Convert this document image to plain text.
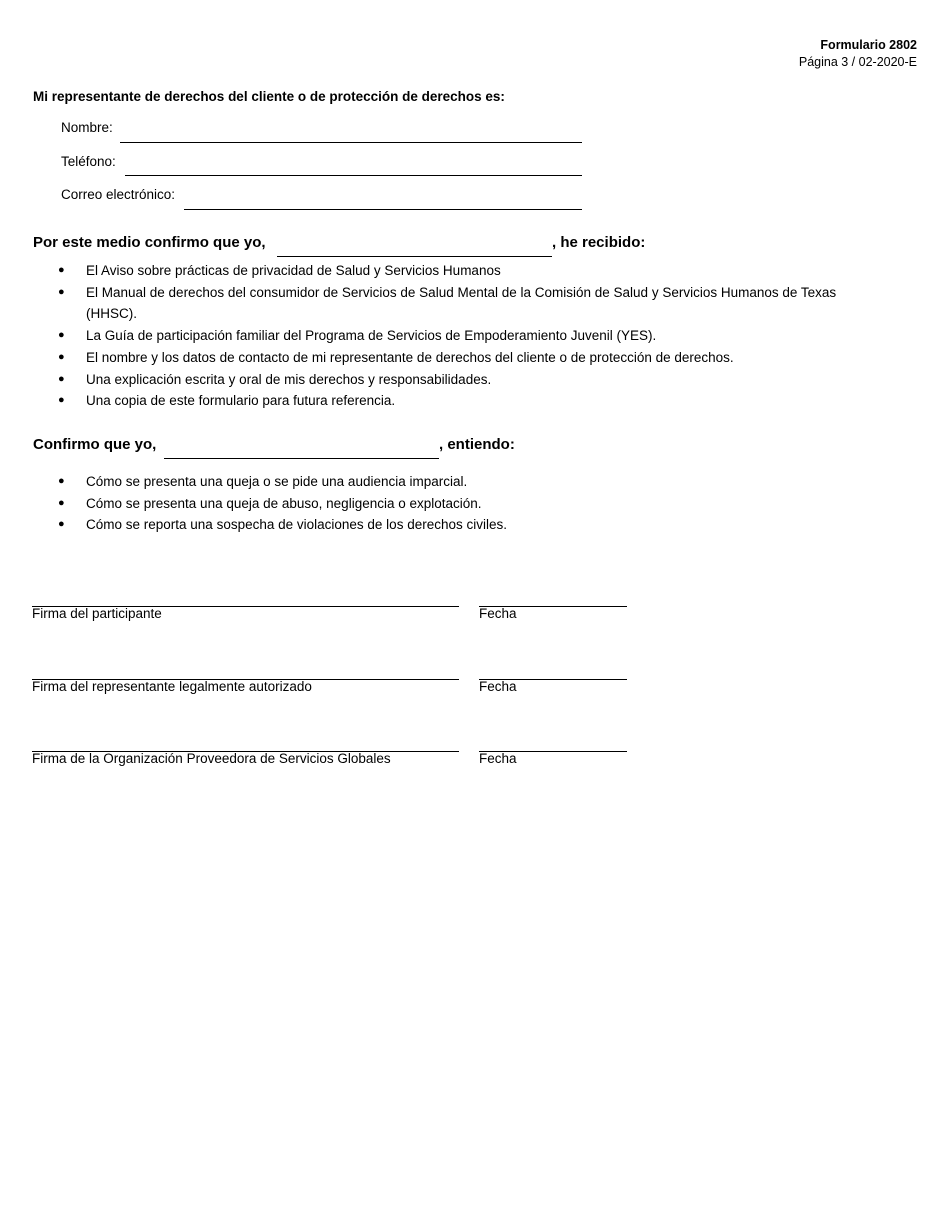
Formulario 2802
Página 3 / 02-2020-E
Mi representante de derechos del cliente o de protección de derechos es:
Nombre:
Teléfono:
Correo electrónico:
Por este medio confirmo que yo,	, he recibido:
● El Aviso sobre prácticas de privacidad de Salud y Servicios Humanos
● El Manual de derechos del consumidor de Servicios de Salud Mental de la Comisión de Salud y Servicios Humanos de Texas (HHSC).
● La Guía de participación familiar del Programa de Servicios de Empoderamiento Juvenil (YES).
● El nombre y los datos de contacto de mi representante de derechos del cliente o de protección de derechos.
● Una explicación escrita y oral de mis derechos y responsabilidades.
● Una copia de este formulario para futura referencia.
Confirmo que yo,	, entiendo:
● Cómo se presenta una queja o se pide una audiencia imparcial.
● Cómo se presenta una queja de abuso, negligencia o explotación.
● Cómo se reporta una sospecha de violaciones de los derechos civiles.
Firma del participante	Fecha
Firma del representante legalmente autorizado	Fecha
Firma de la Organización Proveedora de Servicios Globales	Fecha
